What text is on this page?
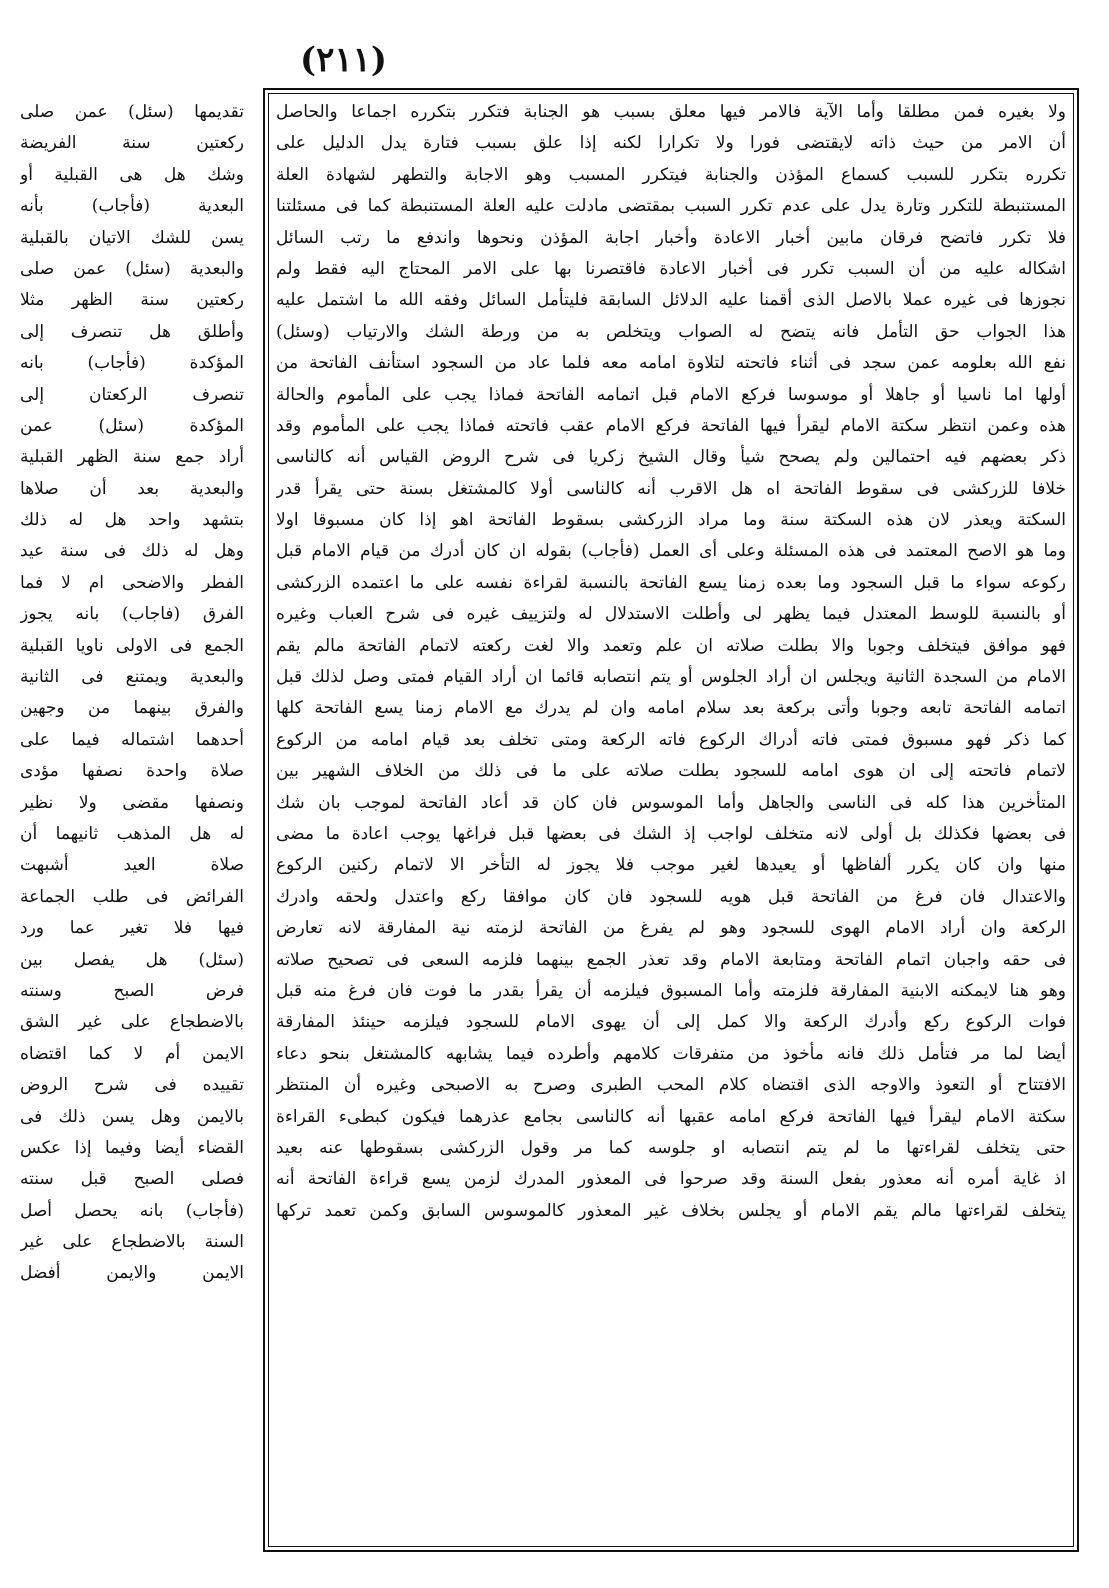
(٢١١)
ولا بغيره فمن مطلقا وأما الآية فالامر فيها معلق بسبب هو الجنابة فتكرر بتكرره اجماعا والحاصل
أن الامر من حيث ذاته لايقتضى فورا ولا تكرارا لكنه إذا علق بسبب فتارة يدل الدليل على
تكرره بتكرر للسبب كسماع المؤذن والجنابة فيتكرر المسبب وهو الاجابة والتطهر لشهادة العلة
المستنبطة للتكرر وتارة يدل على عدم تكرر السبب بمقتضى مادلت عليه العلة المستنبطة كما فى مسئلتنا
فلا تكرر فاتضح فرقان مابين أخبار الاعادة وأخبار اجابة المؤذن ونحوها واندفع ما رتب السائل
اشكاله عليه من أن السبب تكرر فى أخبار الاعادة فاقتصرنا بها على الامر المحتاج اليه فقط ولم
نجوزها فى غيره عملا بالاصل الذى أقمنا عليه الدلائل السابقة فليتأمل السائل وفقه الله ما اشتمل عليه
هذا الجواب حق التأمل فانه يتضح له الصواب ويتخلص به من ورطة الشك والارتياب (وسئل)
نفع الله بعلومه عمن سجد فى أثناء فاتحته لتلاوة امامه معه فلما عاد من السجود استأنف الفاتحة من
أولها اما ناسيا أو جاهلا أو موسوسا فركع الامام قبل اتمامه الفاتحة فماذا يجب على المأموم والحالة
هذه وعمن انتظر سكتة الامام ليقرأ فيها الفاتحة فركع الامام عقب فاتحته فماذا يجب على المأموم وقد
ذكر بعضهم فيه احتمالين ولم يصحح شيأ وقال الشيخ زكريا فى شرح الروض القياس أنه كالناسى
خلافا للزركشى فى سقوط الفاتحة اه هل الاقرب أنه كالناسى أولا كالمشتغل بسنة حتى يقرأ قدر
السكتة ويعذر لان هذه السكتة سنة وما مراد الزركشى بسقوط الفاتحة اهو إذا كان مسبوقا اولا
وما هو الاصح المعتمد فى هذه المسئلة وعلى أى العمل (فأجاب) بقوله ان كان أدرك من قيام الامام قبل
ركوعه سواء ما قبل السجود وما بعده زمنا يسع الفاتحة بالنسبة لقراءة نفسه على ما اعتمده الزركشى
أو بالنسبة للوسط المعتدل فيما يظهر لى وأطلت الاستدلال له ولتزييف غيره فى شرح العباب وغيره
فهو موافق فيتخلف وجوبا والا بطلت صلاته ان علم وتعمد والا لغت ركعته لاتمام الفاتحة مالم يقم
الامام من السجدة الثانية ويجلس ان أراد الجلوس أو يتم انتصابه قائما ان أراد القيام فمتى وصل لذلك قبل
اتمامه الفاتحة تابعه وجوبا وأتى بركعة بعد سلام امامه وان لم يدرك مع الامام زمنا يسع الفاتحة كلها
كما ذكر فهو مسبوق فمتى فاته أدراك الركوع فاته الركعة ومتى تخلف بعد قيام امامه من الركوع
لاتمام فاتحته إلى ان هوى امامه للسجود بطلت صلاته على ما فى ذلك من الخلاف الشهير بين
المتأخرين هذا كله فى الناسى والجاهل وأما الموسوس فان كان قد أعاد الفاتحة لموجب بان شك
فى بعضها فكذلك بل أولى لانه متخلف لواجب إذ الشك فى بعضها قبل فراغها يوجب اعادة ما مضى
منها وان كان يكرر ألفاظها أو يعيدها لغير موجب فلا يجوز له التأخر الا لاتمام ركنين الركوع
والاعتدال فان فرغ من الفاتحة قبل هويه للسجود فان كان موافقا ركع واعتدل ولحقه وادرك
الركعة وان أراد الامام الهوى للسجود وهو لم يفرغ من الفاتحة لزمته نية المفارقة لانه تعارض
فى حقه واجبان اتمام الفاتحة ومتابعة الامام وقد تعذر الجمع بينهما فلزمه السعى فى تصحيح صلاته
وهو هنا لايمكنه الابنية المفارقة فلزمته وأما المسبوق فيلزمه أن يقرأ بقدر ما فوت فان فرغ منه قبل
فوات الركوع ركع وأدرك الركعة والا كمل إلى أن يهوى الامام للسجود فيلزمه حينئذ المفارقة
أيضا لما مر فتأمل ذلك فانه مأخوذ من متفرقات كلامهم وأطرده فيما يشابهه كالمشتغل بنحو دعاء
الافتتاح أو التعوذ والاوجه الذى اقتضاه كلام المحب الطبرى وصرح به الاصبحى وغيره أن المنتظر
سكتة الامام ليقرأ فيها الفاتحة فركع امامه عقبها أنه كالناسى بجامع عذرهما فيكون كبطىء القراءة
حتى يتخلف لقراءتها ما لم يتم انتصابه او جلوسه كما مر وقول الزركشى بسقوطها عنه بعيد
اذ غاية أمره أنه معذور بفعل السنة وقد صرحوا فى المعذور المدرك لزمن يسع قراءة الفاتحة أنه
يتخلف لقراءتها مالم يقم الامام أو يجلس بخلاف غير المعذور كالموسوس السابق وكمن تعمد تركها
تقديمها (سئل) عمن صلى
ركعتين سنة الفريضة
وشك هل هى القبلية أو
البعدية (فأجاب) بأنه
يسن للشك الاتيان بالقبلية
والبعدية (سئل) عمن صلى
ركعتين سنة الظهر مثلا
وأطلق هل تنصرف إلى
المؤكدة (فأجاب) بانه
تنصرف الركعتان إلى
المؤكدة (سئل) عمن
أراد جمع سنة الظهر القبلية
والبعدية بعد أن صلاها
بتشهد واحد هل له ذلك
وهل له ذلك فى سنة عيد
الفطر والاضحى ام لا فما
الفرق (فاجاب) بانه يجوز
الجمع فى الاولى ناويا القبلية
والبعدية ويمتنع فى الثانية
والفرق بينهما من وجهين
أحدهما اشتماله فيما على
صلاة واحدة نصفها مؤدى
ونصفها مقضى ولا نظير
له هل المذهب ثانيهما أن
صلاة العيد أشبهت
الفرائض فى طلب الجماعة
فيها فلا تغير عما ورد
(سئل) هل يفصل بين
فرض الصبح وسنته
بالاضطجاع على غير الشق
الايمن أم لا كما اقتضاه
تقييده فى شرح الروض
بالايمن وهل يسن ذلك فى
القضاء أيضا وفيما إذا عكس
فصلى الصبح قبل سنته
(فأجاب) بانه يحصل أصل
السنة بالاضطجاع على غير
الايمن والايمن أفضل
